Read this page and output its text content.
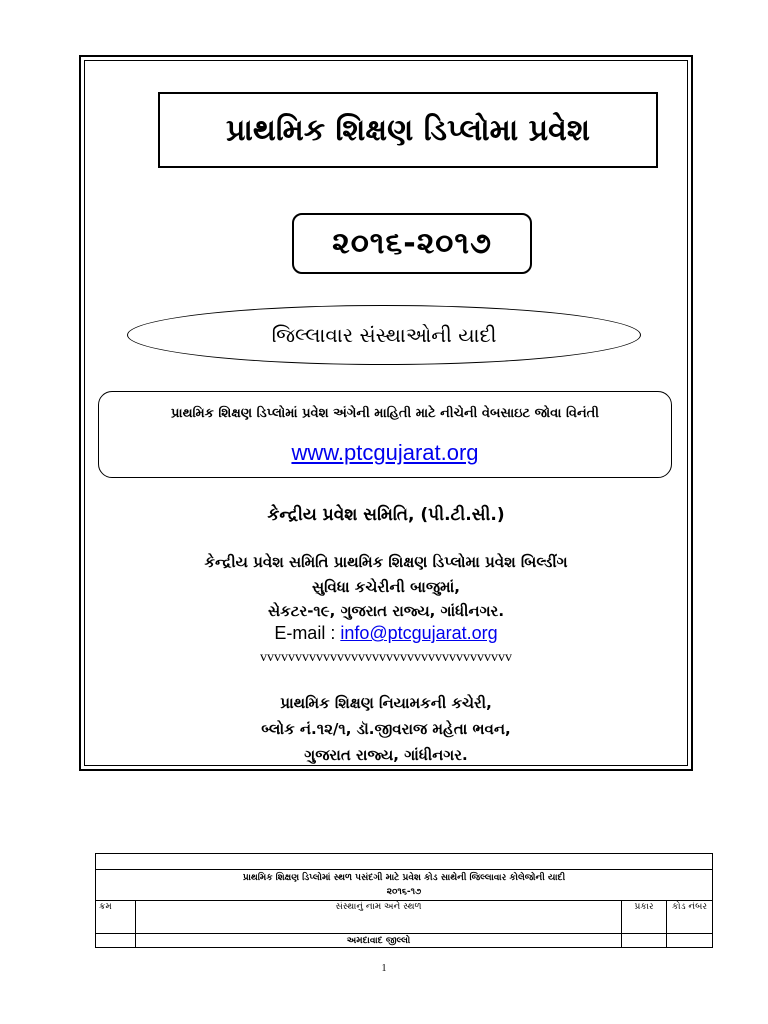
પ્રાથમિક શિક્ષણ ડિપ્લોમા પ્રવેશ
૨૦૧૬-૨૦૧૭
જિલ્લાવાર સંસ્થાઓની યાદી
પ્રાથમિક શિક્ષણ ડિપ્લોમાં પ્રવેશ અંગેની માહિતી માટે નીચેની વેબસાઇટ જોવા વિનંતી
www.ptcgujarat.org
કેન્દ્રીય પ્રવેશ સમિતિ, (પી.ટી.સી.)
કેન્દ્રીય પ્રવેશ સમિતિ પ્રાથમિક શિક્ષણ ડિપ્લોમા પ્રવેશ બિલ્ડીંગ
સુવિધા કચેરીની બાજુમાં,
સેકટર-૧૯, ગુજરાત રાજ્ય, ગાંધીનગર.
E-mail : info@ptcgujarat.org
vvvvvvvvvvvvvvvvvvvvvvvvvvvvvvvvvvvv
પ્રાથમિક શિક્ષણ નિયામકની કચેરી,
બ્લોક નં.૧૨/૧, ડૉ.જીવરાજ મહેતા ભવન,
ગુજરાત રાજ્ય, ગાંધીનગર.

પ્રાથમિક શિક્ષણ ડિપ્લોમાં સ્થળ પસંદગી માટે પ્રવેશ કોડ સાથેની જિલ્લાવાર કોલેજોની યાદી
૨૦૧૬-૧૭			

ક્રમ	સંસ્થાનું નામ અને સ્થળ	પ્રકાર	કોડ નંબર
	અમદાવાદ જીલ્લો		
1
